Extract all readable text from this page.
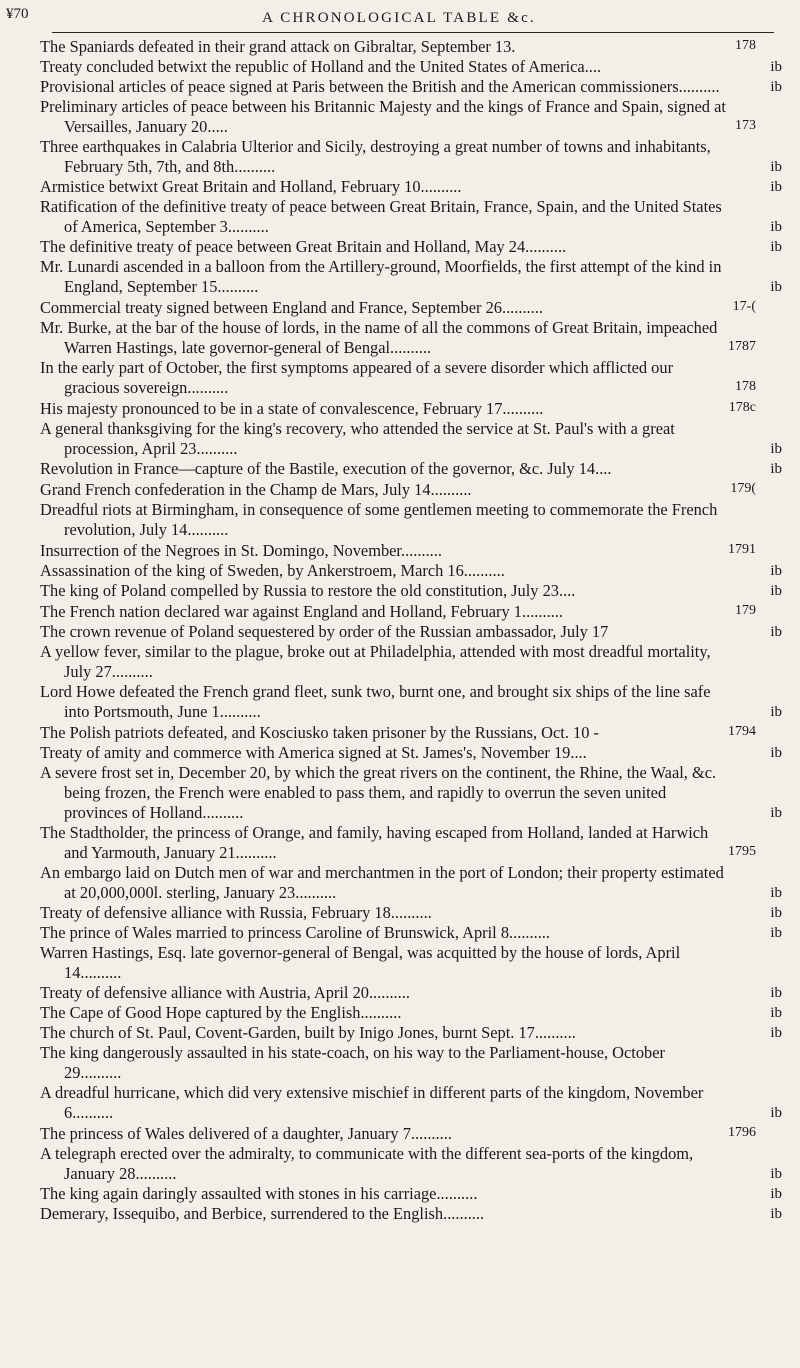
¥70	A CHRONOLOGICAL TABLE &c.
The Spaniards defeated in their grand attack on Gibraltar, September 13.	178
Treaty concluded betwixt the republic of Holland and the United States of America....	ib
Provisional articles of peace signed at Paris between the British and the American commissioners..........	ib
Preliminary articles of peace between his Britannic Majesty and the kings of France and Spain, signed at Versailles, January 20.....	173
Three earthquakes in Calabria Ulterior and Sicily, destroying a great number of towns and inhabitants, February 5th, 7th, and 8th..........	ib
Armistice betwixt Great Britain and Holland, February 10..........	ib
Ratification of the definitive treaty of peace between Great Britain, France, Spain, and the United States of America, September 3..........	ib
The definitive treaty of peace between Great Britain and Holland, May 24..........	ib
Mr. Lunardi ascended in a balloon from the Artillery-ground, Moorfields, the first attempt of the kind in England, September 15..........	ib
Commercial treaty signed between England and France, September 26..........	17-(
Mr. Burke, at the bar of the house of lords, in the name of all the commons of Great Britain, impeached Warren Hastings, late governor-general of Bengal..........	1787
In the early part of October, the first symptoms appeared of a severe disorder which afflicted our gracious sovereign..........	178
His majesty pronounced to be in a state of convalescence, February 17..........	178c
A general thanksgiving for the king's recovery, who attended the service at St. Paul's with a great procession, April 23..........	ib
Revolution in France—capture of the Bastile, execution of the governor, &c. July 14....	ib
Grand French confederation in the Champ de Mars, July 14..........	179(
Dreadful riots at Birmingham, in consequence of some gentlemen meeting to commemorate the French revolution, July 14..........
Insurrection of the Negroes in St. Domingo, November..........	1791
Assassination of the king of Sweden, by Ankerstroem, March 16..........	ib
The king of Poland compelled by Russia to restore the old constitution, July 23....	ib
The French nation declared war against England and Holland, February 1..........	179
The crown revenue of Poland sequestered by order of the Russian ambassador, July 17	ib
A yellow fever, similar to the plague, broke out at Philadelphia, attended with most dreadful mortality, July 27..........
Lord Howe defeated the French grand fleet, sunk two, burnt one, and brought six ships of the line safe into Portsmouth, June 1..........	ib
The Polish patriots defeated, and Kosciusko taken prisoner by the Russians, Oct. 10 -	1794
Treaty of amity and commerce with America signed at St. James's, November 19....	ib
A severe frost set in, December 20, by which the great rivers on the continent, the Rhine, the Waal, &c. being frozen, the French were enabled to pass them, and rapidly to overrun the seven united provinces of Holland..........	ib
The Stadtholder, the princess of Orange, and family, having escaped from Holland, landed at Harwich and Yarmouth, January 21..........	1795
An embargo laid on Dutch men of war and merchantmen in the port of London; their property estimated at 20,000,000l. sterling, January 23..........	ib
Treaty of defensive alliance with Russia, February 18..........	ib
The prince of Wales married to princess Caroline of Brunswick, April 8..........	ib
Warren Hastings, Esq. late governor-general of Bengal, was acquitted by the house of lords, April 14..........
Treaty of defensive alliance with Austria, April 20..........	ib
The Cape of Good Hope captured by the English..........	ib
The church of St. Paul, Covent-Garden, built by Inigo Jones, burnt Sept. 17..........	ib
The king dangerously assaulted in his state-coach, on his way to the Parliament-house, October 29..........
A dreadful hurricane, which did very extensive mischief in different parts of the kingdom, November 6..........	ib
The princess of Wales delivered of a daughter, January 7..........	1796
A telegraph erected over the admiralty, to communicate with the different sea-ports of the kingdom, January 28..........	ib
The king again daringly assaulted with stones in his carriage..........	ib
Demerary, Issequibo, and Berbice, surrendered to the English..........	ib
